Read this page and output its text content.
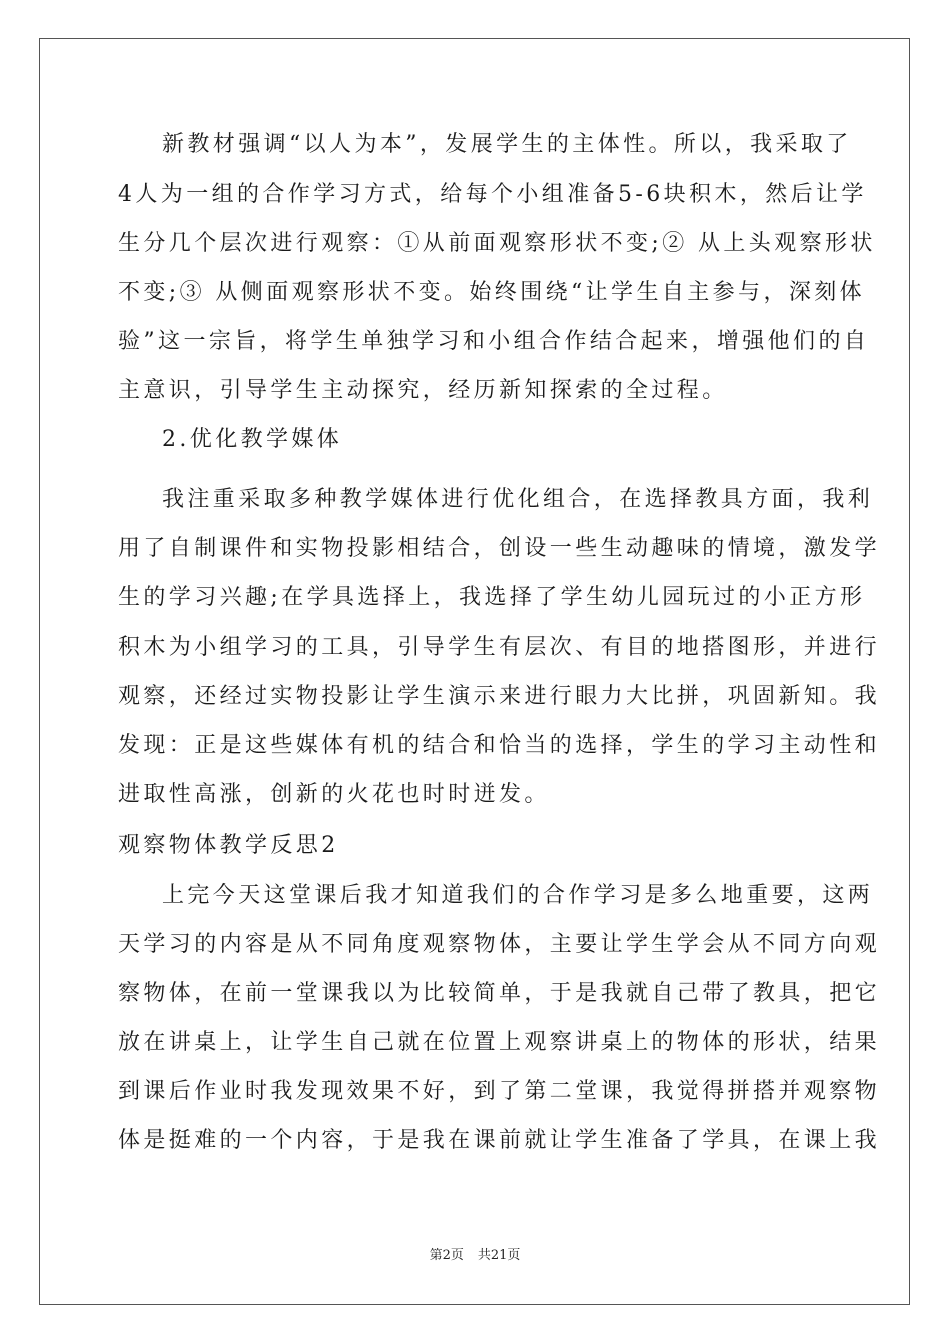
新教材强调“以人为本”，发展学生的主体性。所以，我采取了
4人为一组的合作学习方式，给每个小组准备5-6块积木，然后让学
生分几个层次进行观察：①从前面观察形状不变;② 从上头观察形状
不变;③ 从侧面观察形状不变。始终围绕“让学生自主参与，深刻体
验”这一宗旨，将学生单独学习和小组合作结合起来，增强他们的自
主意识，引导学生主动探究，经历新知探索的全过程。
2.优化教学媒体
我注重采取多种教学媒体进行优化组合，在选择教具方面，我利
用了自制课件和实物投影相结合，创设一些生动趣味的情境，激发学
生的学习兴趣;在学具选择上，我选择了学生幼儿园玩过的小正方形
积木为小组学习的工具，引导学生有层次、有目的地搭图形，并进行
观察，还经过实物投影让学生演示来进行眼力大比拼，巩固新知。我
发现：正是这些媒体有机的结合和恰当的选择，学生的学习主动性和
进取性高涨，创新的火花也时时迸发。
观察物体教学反思2
上完今天这堂课后我才知道我们的合作学习是多么地重要，这两
天学习的内容是从不同角度观察物体，主要让学生学会从不同方向观
察物体，在前一堂课我以为比较简单，于是我就自己带了教具，把它
放在讲桌上，让学生自己就在位置上观察讲桌上的物体的形状，结果
到课后作业时我发现效果不好，到了第二堂课，我觉得拼搭并观察物
体是挺难的一个内容，于是我在课前就让学生准备了学具，在课上我
第2页 共21页
